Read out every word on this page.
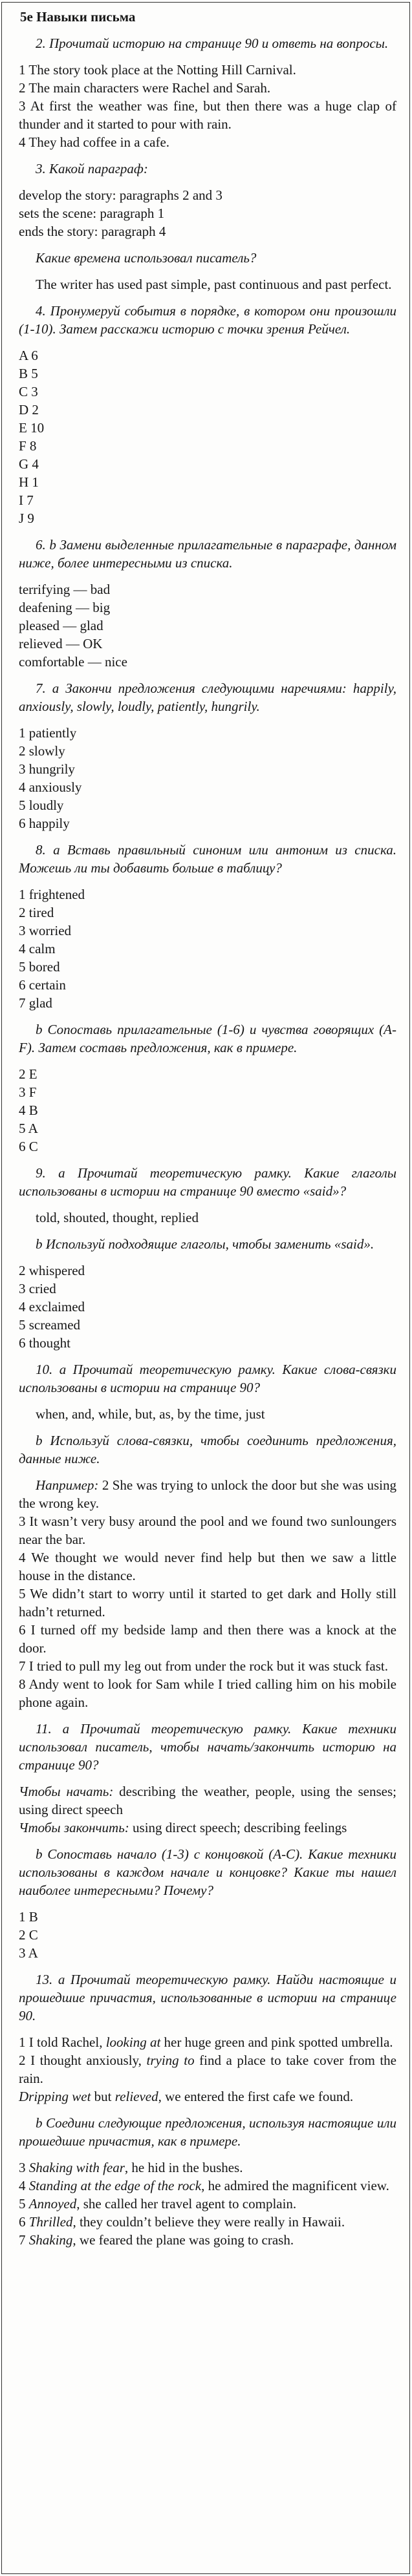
5e Навыки письма

2. Прочитай историю на странице 90 и ответь на вопросы.

1 The story took place at the Notting Hill Carnival.

2 The main characters were Rachel and Sarah.

3 At first the weather was fine, but then there was a huge clap of thunder and it started to pour with rain.

4 They had coffee in a cafe.

3. Какой параграф:

develop the story: paragraphs 2 and 3

sets the scene: paragraph 1

ends the story: paragraph 4

Какие времена использовал писатель?

The writer has used past simple, past continuous and past perfect.

4. Пронумеруй события в порядке, в котором они произошли (1-10). Затем расскажи историю с точки зрения Рейчел.

A 6

B 5

C 3

D 2

E 10

F 8

G 4

H 1

I 7

J 9

6. b Замени выделенные прилагательные в параграфе, данном ниже, более интересными из списка.

terrifying — bad

deafening — big

pleased — glad

relieved — OK

comfortable — nice

7. a Закончи предложения следующими наречиями: happily, anxiously, slowly, loudly, patiently, hungrily.

1 patiently

2 slowly

3 hungrily

4 anxiously

5 loudly

6 happily

8. a Вставь правильный синоним или антоним из списка. Можешь ли ты добавить больше в таблицу?

1 frightened

2 tired

3 worried

4 calm

5 bored

6 certain

7 glad

b Сопоставь прилагательные (1-6) и чувства говорящих (A-F). Затем составь предложения, как в примере.

2 E

3 F

4 B

5 A

6 C

9. a Прочитай теоретическую рамку. Какие глаголы использованы в истории на странице 90 вместо «said»?

told, shouted, thought, replied

b Используй подходящие глаголы, чтобы заменить «said».

2 whispered

3 cried

4 exclaimed

5 screamed

6 thought

10. a Прочитай теоретическую рамку. Какие слова-связки использованы в истории на странице 90?

when, and, while, but, as, by the time, just

b Используй слова-связки, чтобы соединить предложения, данные ниже.

Например: 2 She was trying to unlock the door but she was using the wrong key.

3 It wasn’t very busy around the pool and we found two sunloungers near the bar.

4 We thought we would never find help but then we saw a little house in the distance.

5 We didn’t start to worry until it started to get dark and Holly still hadn’t returned.

6 I turned off my bedside lamp and then there was a knock at the door.

7 I tried to pull my leg out from under the rock but it was stuck fast.

8 Andy went to look for Sam while I tried calling him on his mobile phone again.

11. a Прочитай теоретическую рамку. Какие техники использовал писатель, чтобы начать/закончить историю на странице 90?

Чтобы начать: describing the weather, people, using the senses; using direct speech

Чтобы закончить: using direct speech; describing feelings

b Сопоставь начало (1-3) с концовкой (A-C). Какие техники использованы в каждом начале и концовке? Какие ты нашел наиболее интересными? Почему?

1 B

2 C

3 A

13. a Прочитай теоретическую рамку. Найди настоящие и прошедшие причастия, использованные в истории на странице 90.

1 I told Rachel, looking at her huge green and pink spotted umbrella.

2 I thought anxiously, trying to find a place to take cover from the rain.

Dripping wet but relieved, we entered the first cafe we found.

b Соедини следующие предложения, используя настоящие или прошедшие причастия, как в примере.

3 Shaking with fear, he hid in the bushes.

4 Standing at the edge of the rock, he admired the magnificent view.

5 Annoyed, she called her travel agent to complain.

6 Thrilled, they couldn’t believe they were really in Hawaii.

7 Shaking, we feared the plane was going to crash.
